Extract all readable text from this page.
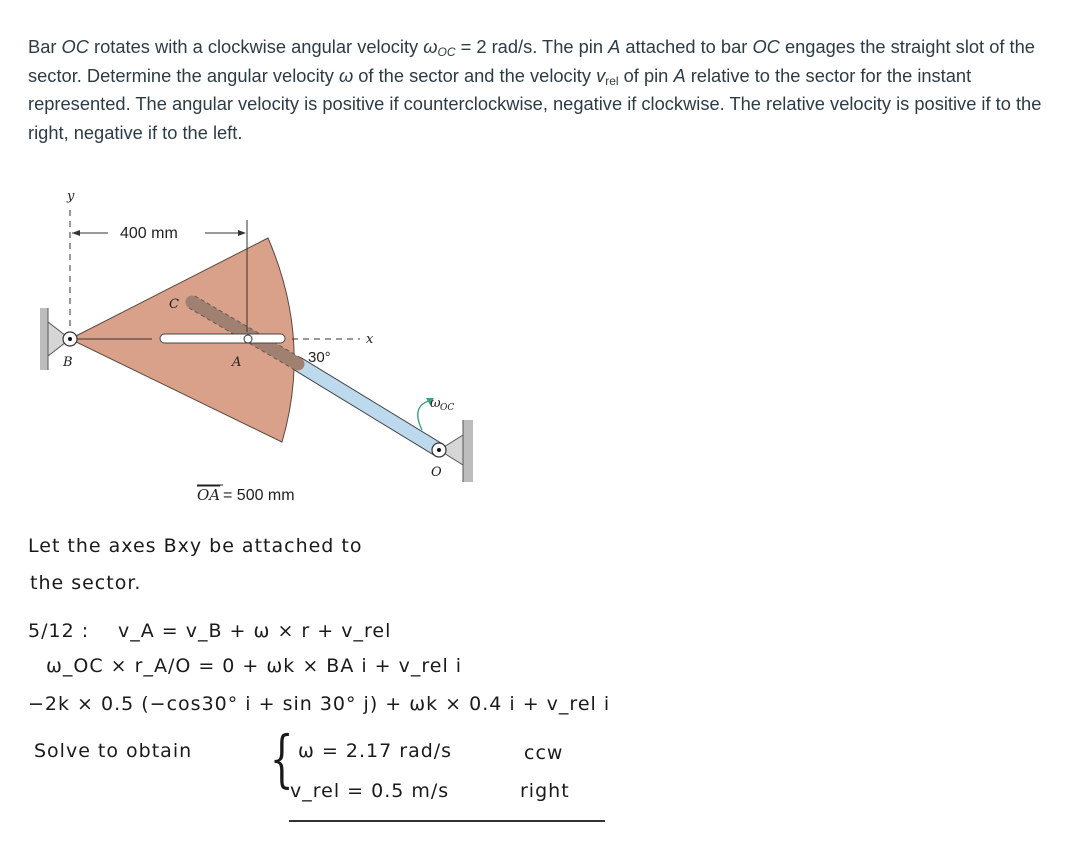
Bar OC rotates with a clockwise angular velocity $\omega_{OC} = 2$ rad/s. The pin A attached to bar OC engages the straight slot of the sector. Determine the angular velocity ω of the sector and the velocity $v_{rel}$ of pin A relative to the sector for the instant represented. The angular velocity is positive if counterclockwise, negative if clockwise. The relative velocity is positive if to the right, negative if to the left.
y
400 mm
C
B	A
x
30°
ω OC
O
OA = 500 mm
Let the axes Bxy be attached to
the sector.
5/12 : v_A = v_B + ω × r + v_rel
ω_OC × r_A/O = 0 + ωk × BA i + v_rel i
−2k × 0.5 (−cos30° i + sin 30° j) + ωk × 0.4 i + v_rel i
Solve to obtain { ω = 2.17 rad/s	ccw
v_rel = 0.5 m/s	right
